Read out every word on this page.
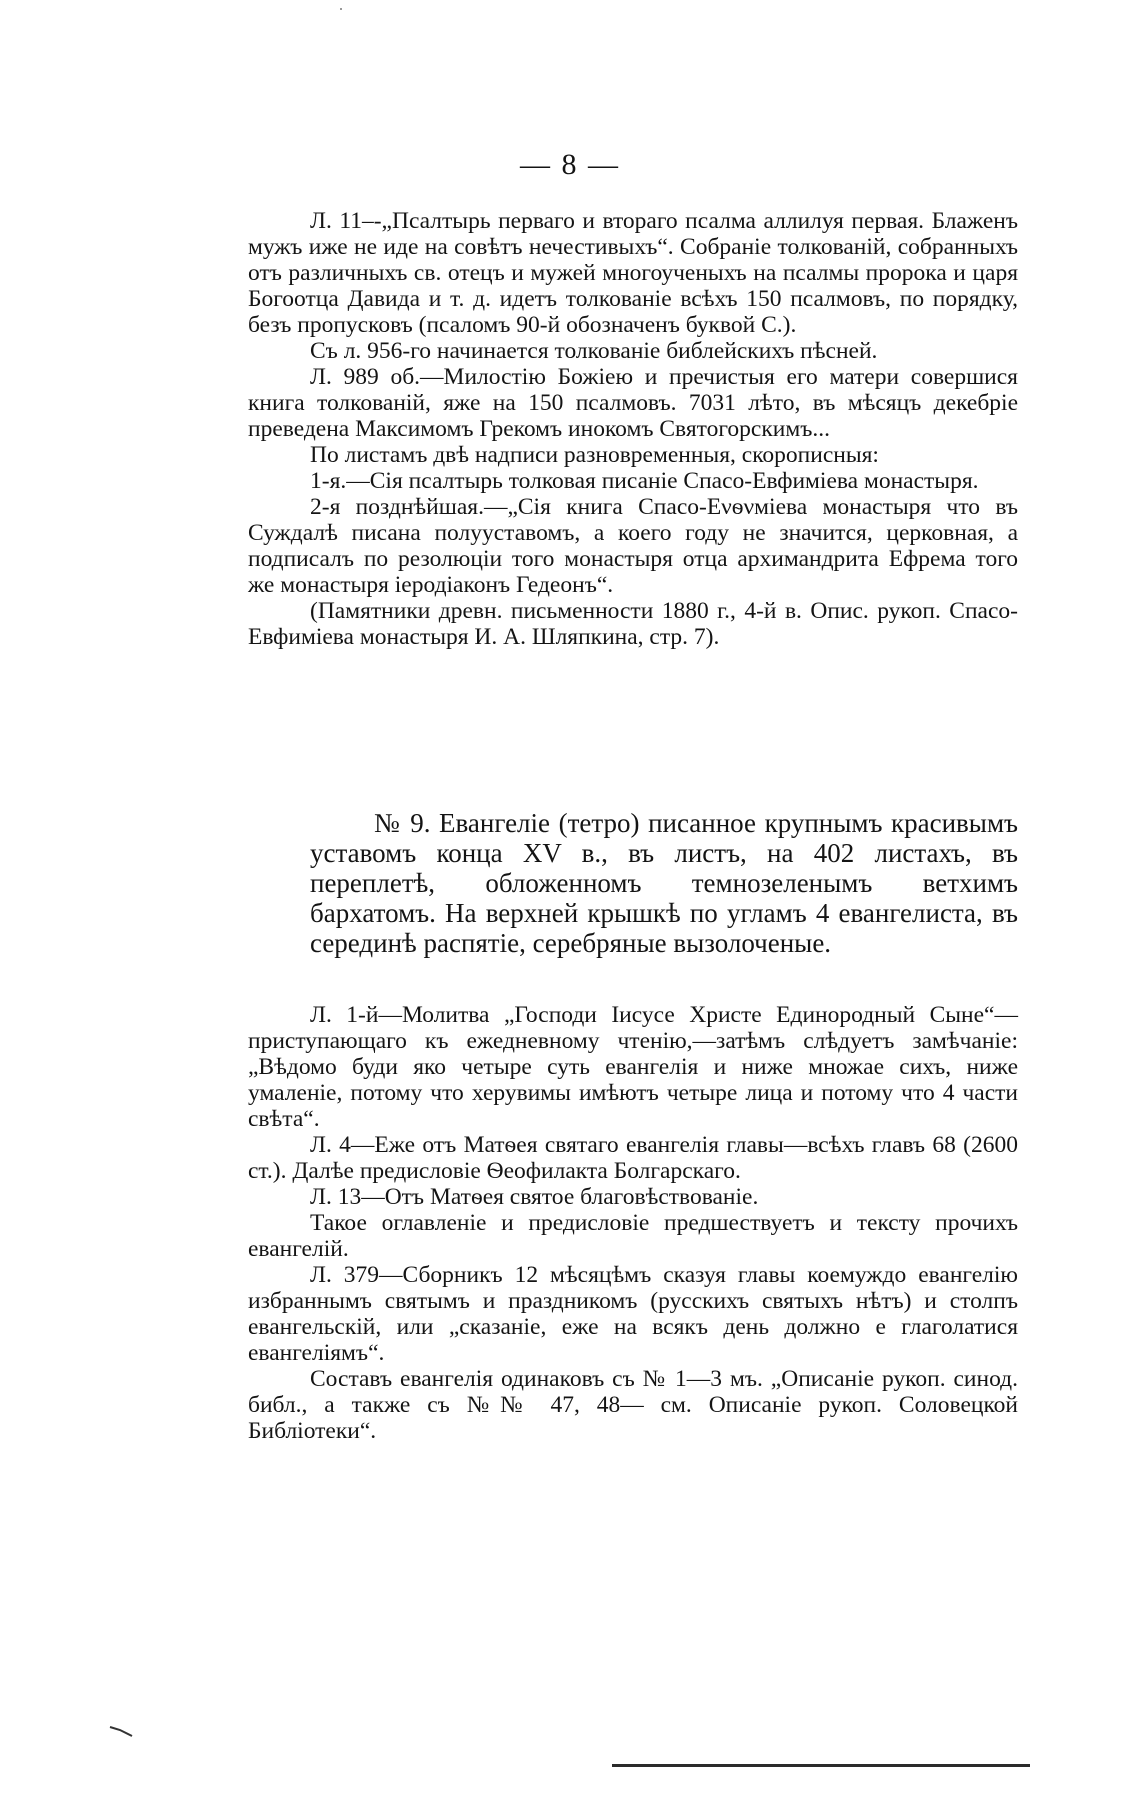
— 8 —

Л. 11–-„Псалтырь перваго и втораго псалма аллилуя первая. Блаженъ мужъ иже не иде на совѣтъ нечестивыхъ“. Собраніе толкованій, собранныхъ отъ различныхъ св. отецъ и мужей многоученыхъ на псалмы пророка и царя Богоотца Давида и т. д. идетъ толкованіе всѣхъ 150 псалмовъ, по порядку, безъ пропусковъ (псаломъ 90-й обозначенъ буквой С.).

Съ л. 956-го начинается толкованіе библейскихъ пѣсней.

Л. 989 об.—Милостію Божіею и пречистыя его матери совершися книга толкованій, яже на 150 псалмовъ. 7031 лѣто, въ мѣсяцъ декебріе преведена Максимомъ Грекомъ инокомъ Святогорскимъ...

По листамъ двѣ надписи разновременныя, скорописныя:

1-я.—Сія псалтырь толковая писаніе Спасо-Евфиміева монастыря.

2-я позднѣйшая.—„Сія книга Спасо-Еνѳνміева монастыря что въ Суждалѣ писана полууставомъ, а коего году не значится, церковная, а подписалъ по резолюціи того монастыря отца архимандрита Ефрема того же монастыря іеродіаконъ Гедеонъ“.

(Памятники древн. письменности 1880 г., 4-й в. Опис. рукоп. Спасо-Евфиміева монастыря И. А. Шляпкина, стр. 7).

№ 9. Евангеліе (тетро) писанное крупнымъ красивымъ уставомъ конца XV в., въ листъ, на 402 листахъ, въ переплетѣ, обложенномъ темнозеленымъ ветхимъ бархатомъ. На верхней крышкѣ по угламъ 4 евангелиста, въ серединѣ распятіе, серебряные вызолоченые.

Л. 1-й—Молитва „Господи Іисусе Христе Единородный Сыне“—приступающаго къ ежедневному чтенію,—затѣмъ слѣдуетъ замѣчаніе: „Вѣдомо буди яко четыре суть евангелія и ниже множае сихъ, ниже умаленіе, потому что херувимы имѣютъ четыре лица и потому что 4 части свѣта“.

Л. 4—Еже отъ Матѳея святаго евангелія главы—всѣхъ главъ 68 (2600 ст.). Далѣе предисловіе Ѳеофилакта Болгарскаго.

Л. 13—Отъ Матѳея святое благовѣствованіе.

Такое оглавленіе и предисловіе предшествуетъ и тексту прочихъ евангелій.

Л. 379—Сборникъ 12 мѣсяцѣмъ сказуя главы коемуждо евангелію избраннымъ святымъ и праздникомъ (русскихъ святыхъ нѣтъ) и столпъ евангельскій, или „сказаніе, еже на всякъ день должно е глаголатися евангеліямъ“.

Составъ евангелія одинаковъ съ № 1—3 мъ. „Описаніе рукоп. синод. библ., а также съ №№ 47, 48— см. Описаніе рукоп. Соловецкой Библіотеки“.
